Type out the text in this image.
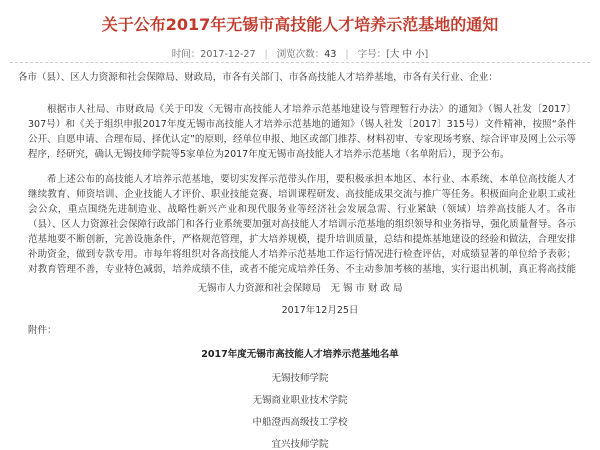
关于公布2017年无锡市高技能人才培养示范基地的通知
时间：2017-12-27 | 浏览次数：43 | 字号：[大 中 小]
各市（县）、区人力资源和社会保障局、财政局，市各有关部门、市各高技能人才培养基地，市各有关行业、企业：
根据市人社局、市财政局《关于印发〈无锡市高技能人才培养示范基地建设与管理暂行办法〉的通知》（锡人社发〔2017〕307号）和《关于组织申报2017年度无锡市高技能人才培养示范基地的通知》（锡人社发〔2017〕315号）文件精神，按照“条件公开、自愿申请、合理布局、择优认定”的原则，经单位申报、地区或部门推荐、材料初审、专家现场考察、综合评审及网上公示等程序，经研究，确认无锡技师学院等5家单位为2017年度无锡市高技能人才培养示范基地（名单附后），现予公布。
希上述公布的高技能人才培养示范基地，要切实发挥示范带头作用，要积极承担本地区、本行业、本系统、本单位高技能人才继续教育、师资培训、企业技能人才评价、职业技能竞赛、培训课程研发、高技能成果交流与推广等任务。积极面向企业职工或社会公众，重点围绕先进制造业、战略性新兴产业和现代服务业等经济社会发展急需、行业紧缺（领域）培养高技能人才。各市（县）、区人力资源社会保障行政部门和各行业系统要加强对高技能人才培训示范基地的组织领导和业务指导，强化质量督导。各示范基地要不断创新，完善设施条件，严格规范管理，扩大培养规模，提升培训质量，总结和提炼基地建设的经验和做法，合理安排补助资金，做到专款专用。市每年将组织对各高技能人才培养示范基地工作运行情况进行检查评估，对成绩显著的单位给予表彰；对教育管理不善，专业特色减弱，培养成绩不佳，或者不能完成培养任务、不主动参加考核的基地，实行退出机制，真正将高技能
无锡市人力资源和社会保障局　无 锡 市 财 政 局
2017年12月25日
附件：
2017年度无锡市高技能人才培养示范基地名单
无锡技师学院
无锡商业职业技术学院
中船澄西高级技工学校
宜兴技师学院
